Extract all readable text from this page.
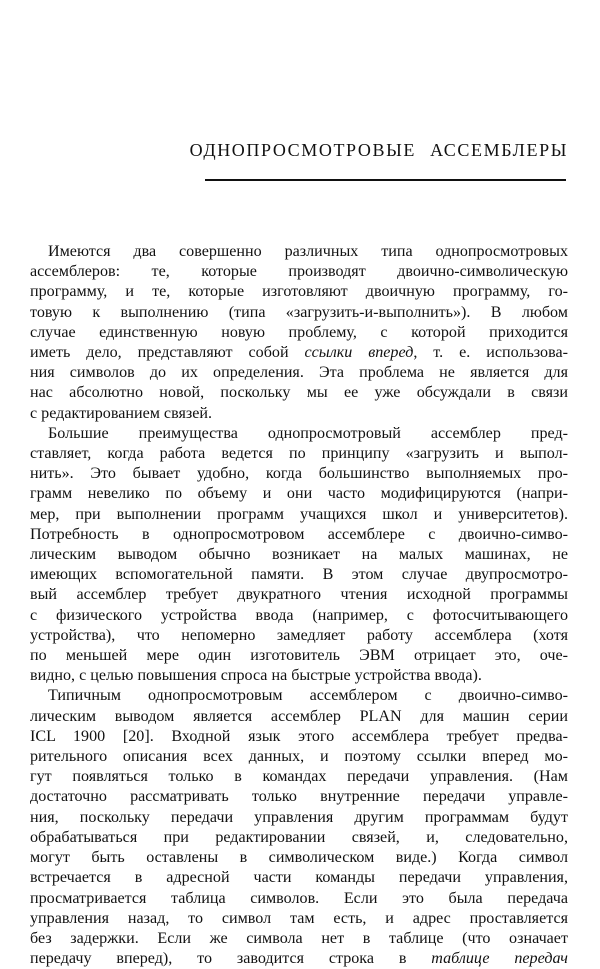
ОДНОПРОСМОТРОВЫЕ АССЕМБЛЕРЫ

Имеются два совершенно различных типа однопросмотровых
ассемблеров: те, которые производят двоично-символическую
программу, и те, которые изготовляют двоичную программу, го-
товую к выполнению (типа «загрузить-и-выполнить»). В любом
случае единственную новую проблему, с которой приходится
иметь дело, представляют собой ссылки вперед, т. е. использова-
ния символов до их определения. Эта проблема не является для
нас абсолютно новой, поскольку мы ее уже обсуждали в связи
с редактированием связей.

Большие преимущества однопросмотровый ассемблер пред-
ставляет, когда работа ведется по принципу «загрузить и выпол-
нить». Это бывает удобно, когда большинство выполняемых про-
грамм невелико по объему и они часто модифицируются (напри-
мер, при выполнении программ учащихся школ и университетов).
Потребность в однопросмотровом ассемблере с двоично-симво-
лическим выводом обычно возникает на малых машинах, не
имеющих вспомогательной памяти. В этом случае двупросмотро-
вый ассемблер требует двукратного чтения исходной программы
с физического устройства ввода (например, с фотосчитывающего
устройства), что непомерно замедляет работу ассемблера (хотя
по меньшей мере один изготовитель ЭВМ отрицает это, оче-
видно, с целью повышения спроса на быстрые устройства ввода).

Типичным однопросмотровым ассемблером с двоично-симво-
лическим выводом является ассемблер PLAN для машин серии
ICL 1900 [20]. Входной язык этого ассемблера требует предва-
рительного описания всех данных, и поэтому ссылки вперед мо-
гут появляться только в командах передачи управления. (Нам
достаточно рассматривать только внутренние передачи управле-
ния, поскольку передачи управления другим программам будут
обрабатываться при редактировании связей, и, следовательно,
могут быть оставлены в символическом виде.) Когда символ
встречается в адресной части команды передачи управления,
просматривается таблица символов. Если это была передача
управления назад, то символ там есть, и адрес проставляется
без задержки. Если же символа нет в таблице (что означает
передачу вперед), то заводится строка в таблице передач
